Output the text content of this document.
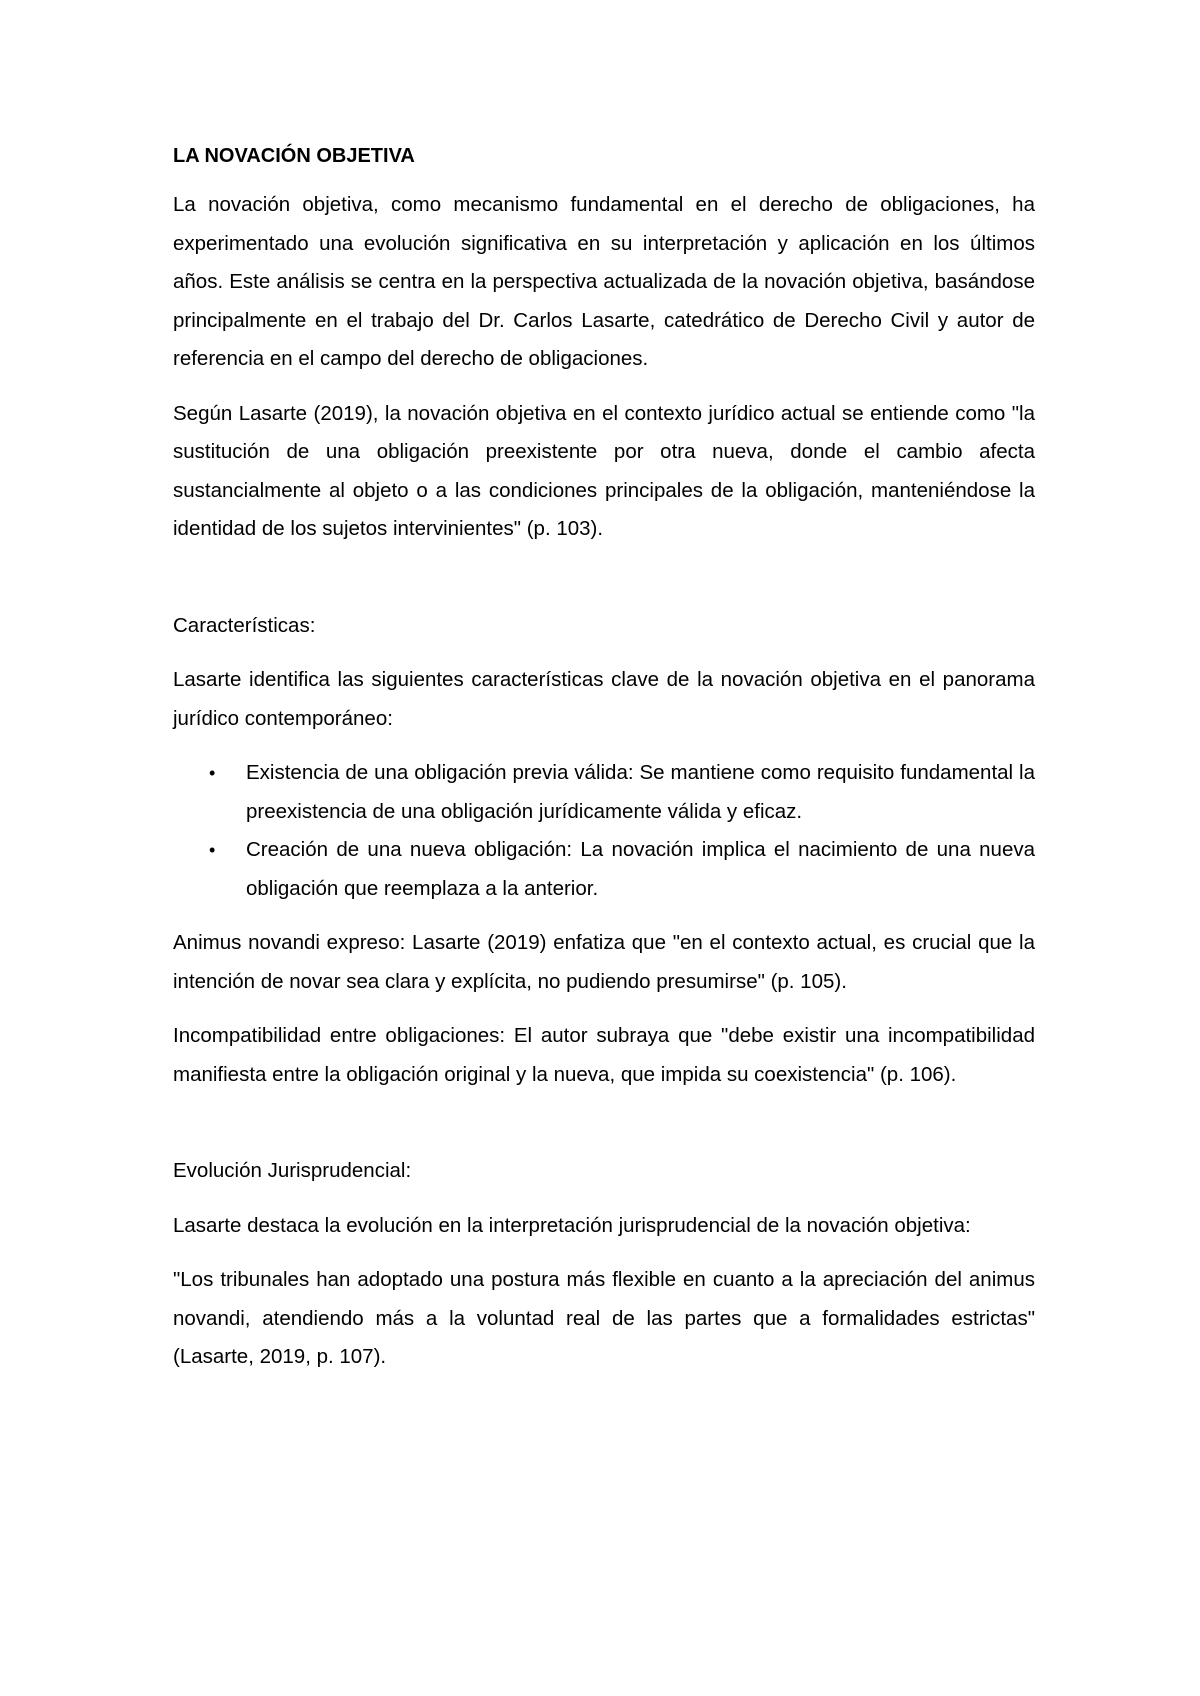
LA NOVACIÓN OBJETIVA

La novación objetiva, como mecanismo fundamental en el derecho de obligaciones, ha experimentado una evolución significativa en su interpretación y aplicación en los últimos años. Este análisis se centra en la perspectiva actualizada de la novación objetiva, basándose principalmente en el trabajo del Dr. Carlos Lasarte, catedrático de Derecho Civil y autor de referencia en el campo del derecho de obligaciones.

Según Lasarte (2019), la novación objetiva en el contexto jurídico actual se entiende como "la sustitución de una obligación preexistente por otra nueva, donde el cambio afecta sustancialmente al objeto o a las condiciones principales de la obligación, manteniéndose la identidad de los sujetos intervinientes" (p. 103).

Características:

Lasarte identifica las siguientes características clave de la novación objetiva en el panorama jurídico contemporáneo:

• Existencia de una obligación previa válida: Se mantiene como requisito fundamental la preexistencia de una obligación jurídicamente válida y eficaz.
• Creación de una nueva obligación: La novación implica el nacimiento de una nueva obligación que reemplaza a la anterior.

Animus novandi expreso: Lasarte (2019) enfatiza que "en el contexto actual, es crucial que la intención de novar sea clara y explícita, no pudiendo presumirse" (p. 105).

Incompatibilidad entre obligaciones: El autor subraya que "debe existir una incompatibilidad manifiesta entre la obligación original y la nueva, que impida su coexistencia" (p. 106).

Evolución Jurisprudencial:

Lasarte destaca la evolución en la interpretación jurisprudencial de la novación objetiva:

"Los tribunales han adoptado una postura más flexible en cuanto a la apreciación del animus novandi, atendiendo más a la voluntad real de las partes que a formalidades estrictas" (Lasarte, 2019, p. 107).
